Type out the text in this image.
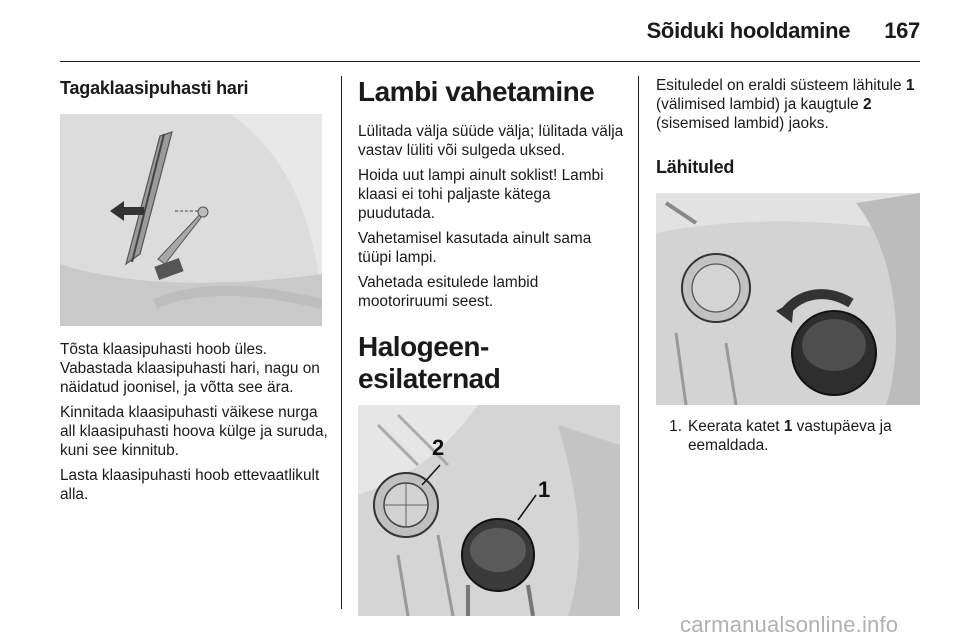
Sõiduki hooldamine 167
Tagaklaasipuhasti hari

Tõsta klaasipuhasti hoob üles. Vabastada klaasipuhasti hari, nagu on näidatud joonisel, ja võtta see ära.

Kinnitada klaasipuhasti väikese nurga all klaasipuhasti hoova külge ja suruda, kuni see kinnitub.

Lasta klaasipuhasti hoob ettevaatlikult alla.

Lambi vahetamine

Lülitada välja süüde välja; lülitada välja vastav lüliti või sulgeda uksed.

Hoida uut lampi ainult soklist! Lambi klaasi ei tohi paljaste kätega puudutada.

Vahetamisel kasutada ainult sama tüüpi lampi.

Vahetada esitulede lambid mootoriruumi seest.

Halogeen-esilaternad
2
1

Esituledel on eraldi süsteem lähitule 1 (välimised lambid) ja kaugtule 2 (sisemised lambid) jaoks.

Lähituled
1. Keerata katet 1 vastupäeva ja eemaldada.
carmanualsonline.info
